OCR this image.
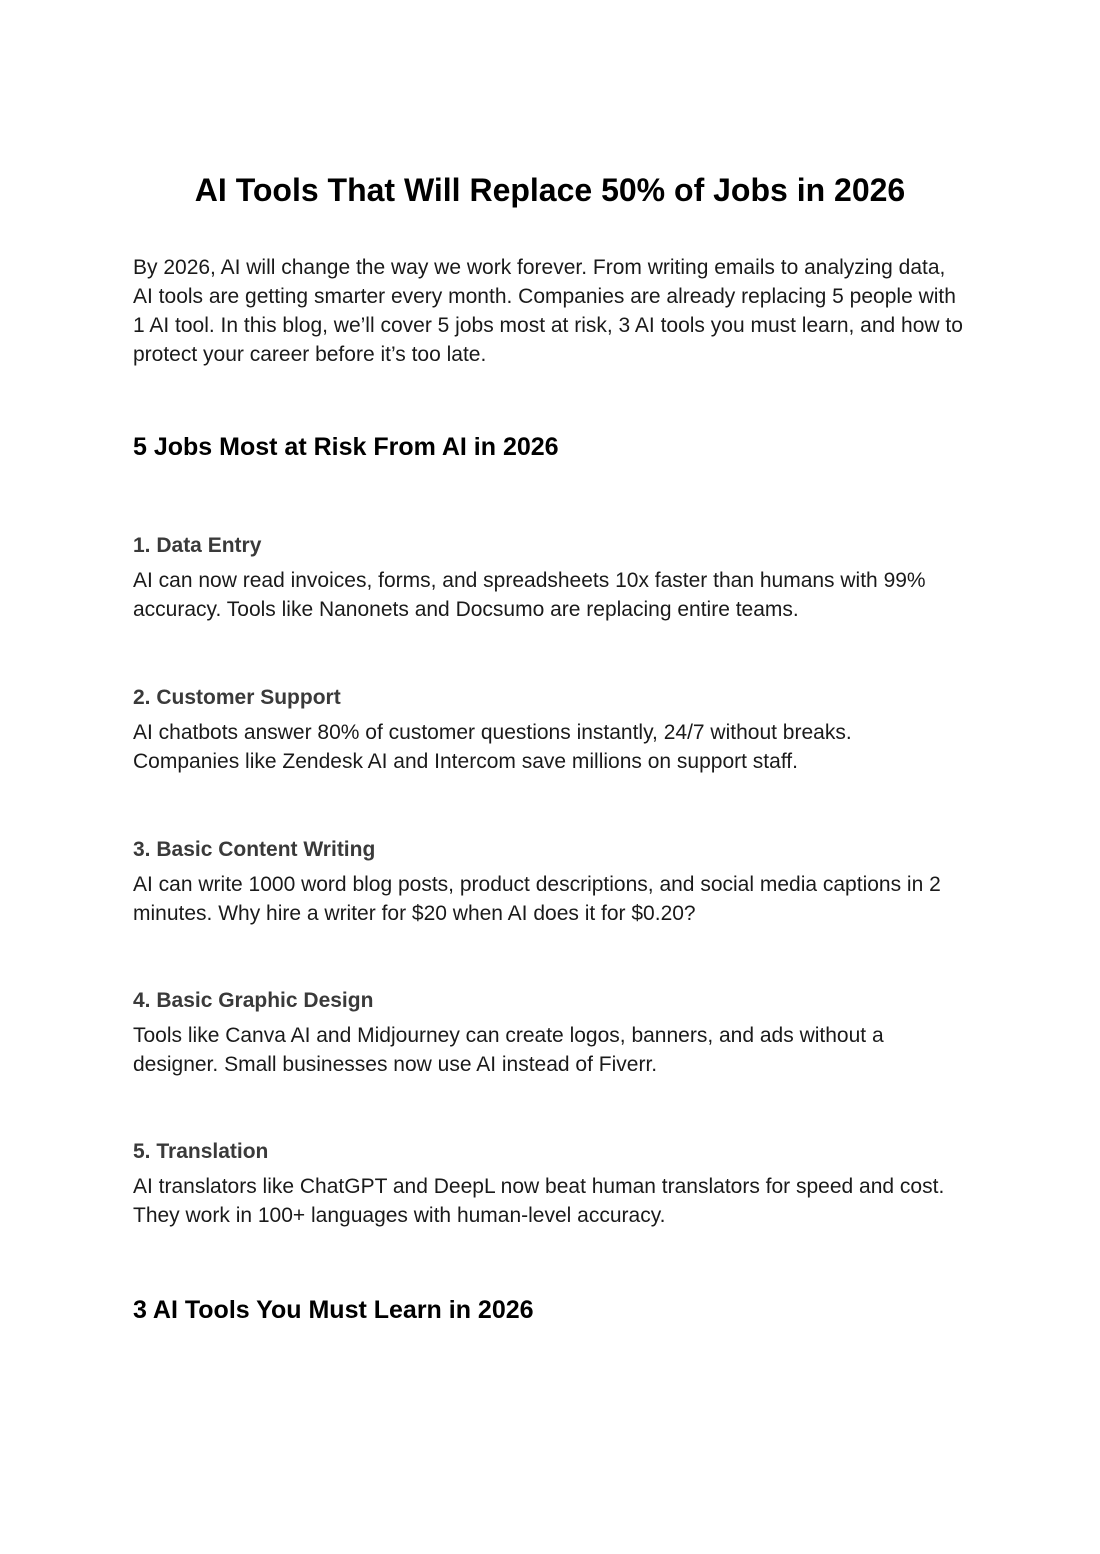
AI Tools That Will Replace 50% of Jobs in 2026

By 2026, AI will change the way we work forever. From writing emails to analyzing data, AI tools are getting smarter every month. Companies are already replacing 5 people with 1 AI tool. In this blog, we’ll cover 5 jobs most at risk, 3 AI tools you must learn, and how to protect your career before it’s too late.

5 Jobs Most at Risk From AI in 2026
1. Data Entry

AI can now read invoices, forms, and spreadsheets 10x faster than humans with 99% accuracy. Tools like Nanonets and Docsumo are replacing entire teams.

2. Customer Support

AI chatbots answer 80% of customer questions instantly, 24/7 without breaks. Companies like Zendesk AI and Intercom save millions on support staff.

3. Basic Content Writing

AI can write 1000 word blog posts, product descriptions, and social media captions in 2 minutes. Why hire a writer for $20 when AI does it for $0.20?

4. Basic Graphic Design

Tools like Canva AI and Midjourney can create logos, banners, and ads without a designer. Small businesses now use AI instead of Fiverr.

5. Translation

AI translators like ChatGPT and DeepL now beat human translators for speed and cost. They work in 100+ languages with human-level accuracy.

3 AI Tools You Must Learn in 2026
